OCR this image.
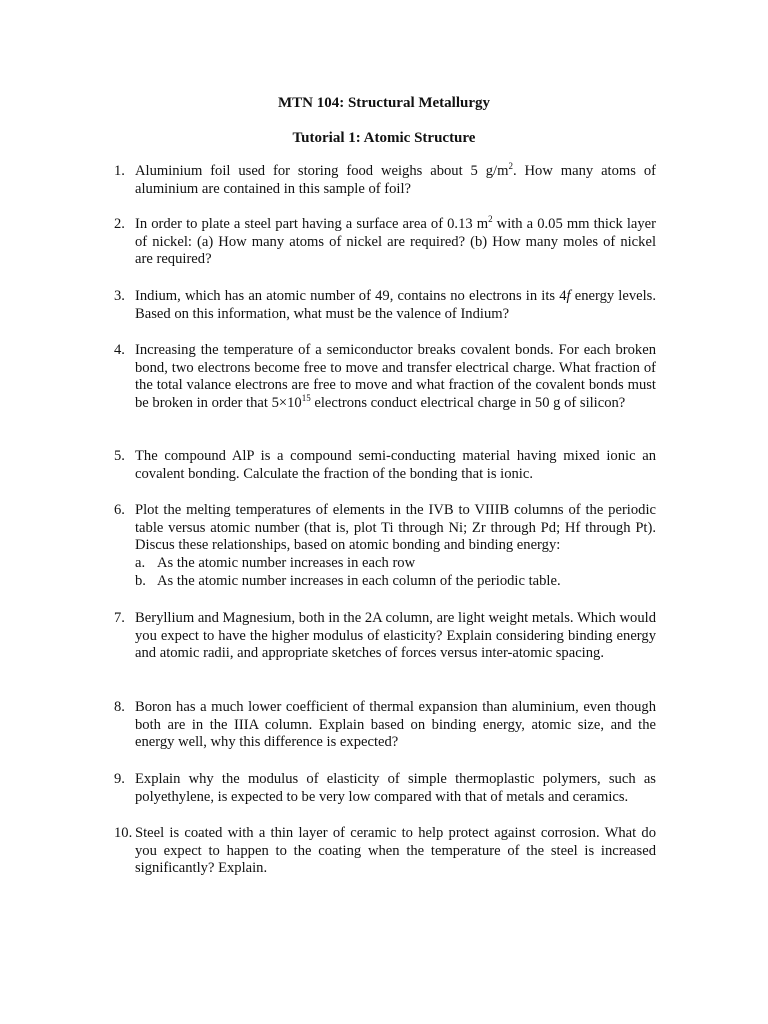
MTN 104: Structural Metallurgy
Tutorial 1: Atomic Structure
1. Aluminium foil used for storing food weighs about 5 $g/m^2$. How many atoms of aluminium are contained in this sample of foil?
2. In order to plate a steel part having a surface area of 0.13 $m^2$ with a 0.05 mm thick layer of nickel: (a) How many atoms of nickel are required? (b) How many moles of nickel are required?
3. Indium, which has an atomic number of 49, contains no electrons in its 4f energy levels. Based on this information, what must be the valence of Indium?
4. Increasing the temperature of a semiconductor breaks covalent bonds. For each broken bond, two electrons become free to move and transfer electrical charge. What fraction of the total valance electrons are free to move and what fraction of the covalent bonds must be broken in order that $5\times 10^{15}$ electrons conduct electrical charge in 50 g of silicon?
5. The compound AlP is a compound semi-conducting material having mixed ionic an covalent bonding. Calculate the fraction of the bonding that is ionic.
6. Plot the melting temperatures of elements in the IVB to VIIIB columns of the periodic table versus atomic number (that is, plot Ti through Ni; Zr through Pd; Hf through Pt). Discus these relationships, based on atomic bonding and binding energy:
a. As the atomic number increases in each row
b. As the atomic number increases in each column of the periodic table.
7. Beryllium and Magnesium, both in the 2A column, are light weight metals. Which would you expect to have the higher modulus of elasticity? Explain considering binding energy and atomic radii, and appropriate sketches of forces versus inter-atomic spacing.
8. Boron has a much lower coefficient of thermal expansion than aluminium, even though both are in the IIIA column. Explain based on binding energy, atomic size, and the energy well, why this difference is expected?
9. Explain why the modulus of elasticity of simple thermoplastic polymers, such as polyethylene, is expected to be very low compared with that of metals and ceramics.
10. Steel is coated with a thin layer of ceramic to help protect against corrosion. What do you expect to happen to the coating when the temperature of the steel is increased significantly? Explain.
